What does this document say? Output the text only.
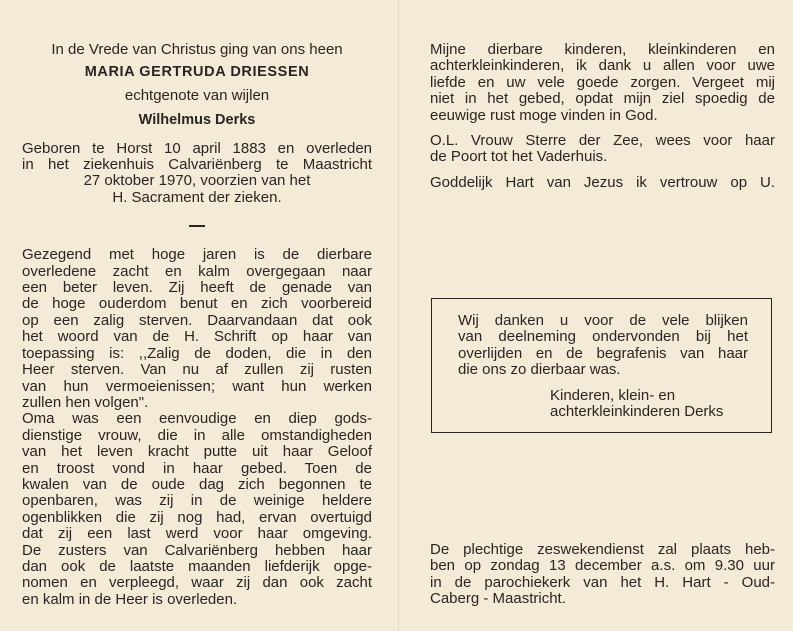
In de Vrede van Christus ging van ons heen
MARIA GERTRUDA DRIESSEN
echtgenote van wijlen
Wilhelmus Derks
Geboren te Horst 10 april 1883 en overleden
in het ziekenhuis Calvariënberg te Maastricht
27 oktober 1970, voorzien van het
H. Sacrament der zieken.
Gezegend met hoge jaren is de dierbare
overledene zacht en kalm overgegaan naar
een beter leven. Zij heeft de genade van
de hoge ouderdom benut en zich voorbereid
op een zalig sterven. Daarvandaan dat ook
het woord van de H. Schrift op haar van
toepassing is: ,,Zalig de doden, die in den
Heer sterven. Van nu af zullen zij rusten
van hun vermoeienissen; want hun werken
zullen hen volgen".
Oma was een eenvoudige en diep gods-
dienstige vrouw, die in alle omstandigheden
van het leven kracht putte uit haar Geloof
en troost vond in haar gebed. Toen de
kwalen van de oude dag zich begonnen te
openbaren, was zij in de weinige heldere
ogenblikken die zij nog had, ervan overtuigd
dat zij een last werd voor haar omgeving.
De zusters van Calvariënberg hebben haar
dan ook de laatste maanden liefderijk opge-
nomen en verpleegd, waar zij dan ook zacht
en kalm in de Heer is overleden.
Mijne dierbare kinderen, kleinkinderen en
achterkleinkinderen, ik dank u allen voor uwe
liefde en uw vele goede zorgen. Vergeet mij
niet in het gebed, opdat mijn ziel spoedig de
eeuwige rust moge vinden in God.
O.L. Vrouw Sterre der Zee, wees voor haar
de Poort tot het Vaderhuis.
Goddelijk Hart van Jezus ik vertrouw op U.
Wij danken u voor de vele blijken
van deelneming ondervonden bij het
overlijden en de begrafenis van haar
die ons zo dierbaar was.
Kinderen, klein- en
achterkleinkinderen Derks
De plechtige zeswekendienst zal plaats heb-
ben op zondag 13 december a.s. om 9.30 uur
in de parochiekerk van het H. Hart - Oud-
Caberg - Maastricht.
